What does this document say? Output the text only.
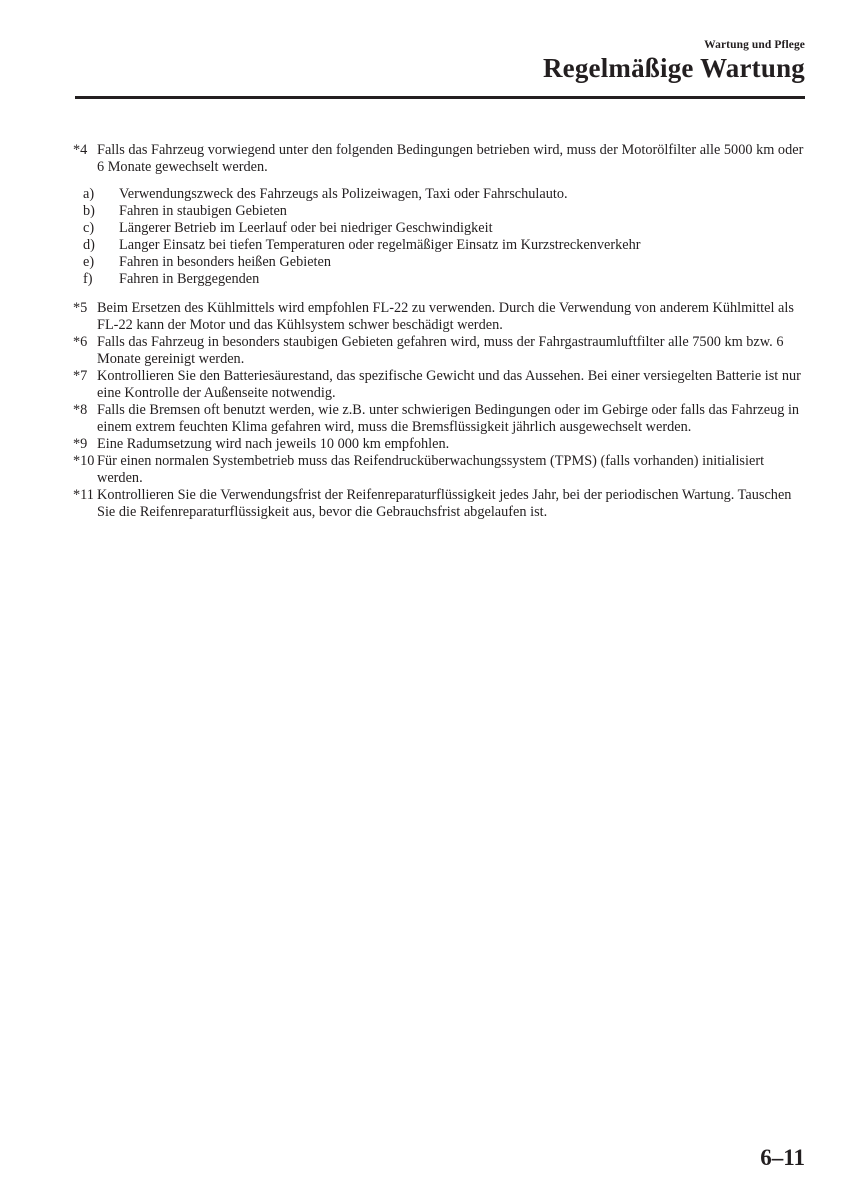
Wartung und Pflege
Regelmäßige Wartung
*4 Falls das Fahrzeug vorwiegend unter den folgenden Bedingungen betrieben wird, muss der Motorölfilter alle 5000 km oder 6 Monate gewechselt werden.
a) Verwendungszweck des Fahrzeugs als Polizeiwagen, Taxi oder Fahrschulauto.
b) Fahren in staubigen Gebieten
c) Längerer Betrieb im Leerlauf oder bei niedriger Geschwindigkeit
d) Langer Einsatz bei tiefen Temperaturen oder regelmäßiger Einsatz im Kurzstreckenverkehr
e) Fahren in besonders heißen Gebieten
f) Fahren in Berggegenden
*5 Beim Ersetzen des Kühlmittels wird empfohlen FL-22 zu verwenden. Durch die Verwendung von anderem Kühlmittel als FL-22 kann der Motor und das Kühlsystem schwer beschädigt werden.
*6 Falls das Fahrzeug in besonders staubigen Gebieten gefahren wird, muss der Fahrgastraumluftfilter alle 7500 km bzw. 6 Monate gereinigt werden.
*7 Kontrollieren Sie den Batteriesäurestand, das spezifische Gewicht und das Aussehen. Bei einer versiegelten Batterie ist nur eine Kontrolle der Außenseite notwendig.
*8 Falls die Bremsen oft benutzt werden, wie z.B. unter schwierigen Bedingungen oder im Gebirge oder falls das Fahrzeug in einem extrem feuchten Klima gefahren wird, muss die Bremsflüssigkeit jährlich ausgewechselt werden.
*9 Eine Radumsetzung wird nach jeweils 10 000 km empfohlen.
*10 Für einen normalen Systembetrieb muss das Reifendrucküberwachungssystem (TPMS) (falls vorhanden) initialisiert werden.
*11 Kontrollieren Sie die Verwendungsfrist der Reifenreparaturflüssigkeit jedes Jahr, bei der periodischen Wartung. Tauschen Sie die Reifenreparaturflüssigkeit aus, bevor die Gebrauchsfrist abgelaufen ist.
6–11
